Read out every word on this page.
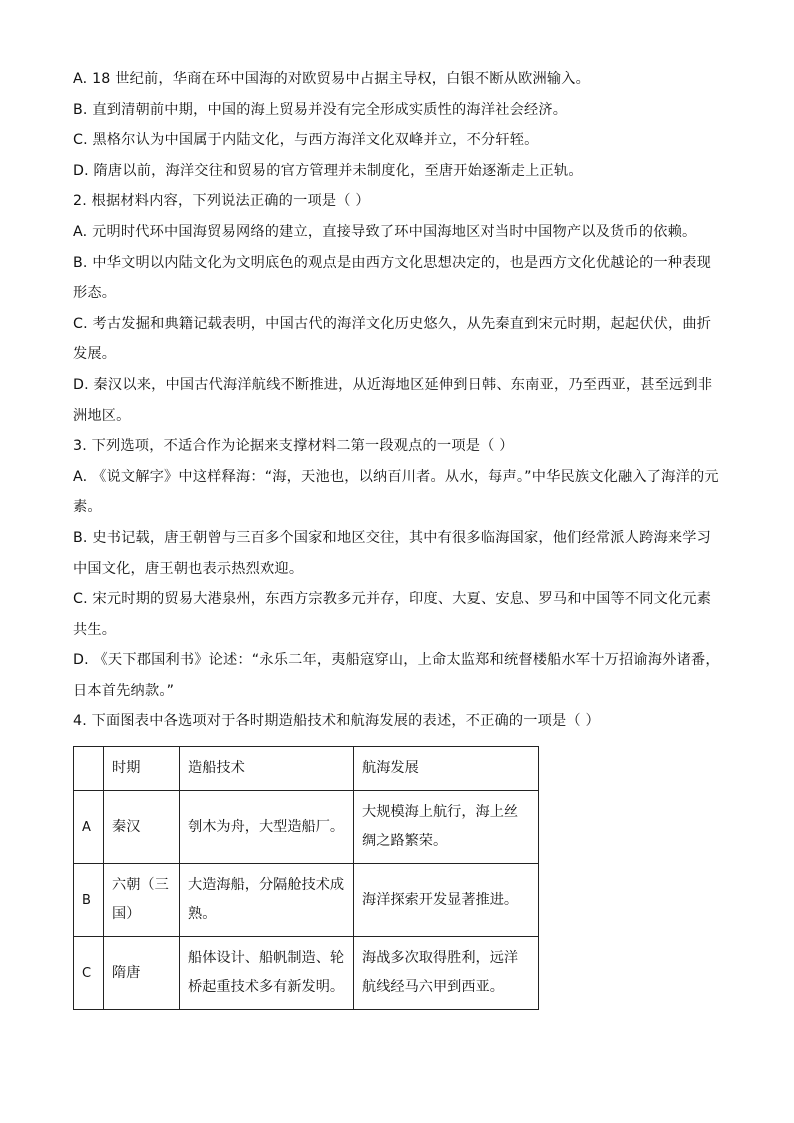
A. 18 世纪前，华商在环中国海的对欧贸易中占据主导权，白银不断从欧洲输入。

B. 直到清朝前中期，中国的海上贸易并没有完全形成实质性的海洋社会经济。

C. 黑格尔认为中国属于内陆文化，与西方海洋文化双峰并立，不分轩轾。

D. 隋唐以前，海洋交往和贸易的官方管理并未制度化，至唐开始逐渐走上正轨。

2. 根据材料内容，下列说法正确的一项是（ ）

A. 元明时代环中国海贸易网络的建立，直接导致了环中国海地区对当时中国物产以及货币的依赖。

B. 中华文明以内陆文化为文明底色的观点是由西方文化思想决定的，也是西方文化优越论的一种表现形态。

C. 考古发掘和典籍记载表明，中国古代的海洋文化历史悠久，从先秦直到宋元时期，起起伏伏，曲折发展。

D. 秦汉以来，中国古代海洋航线不断推进，从近海地区延伸到日韩、东南亚，乃至西亚，甚至远到非洲地区。

3. 下列选项，不适合作为论据来支撑材料二第一段观点的一项是（ ）

A. 《说文解字》中这样释海：“海，天池也，以纳百川者。从水，每声。”中华民族文化融入了海洋的元素。

B. 史书记载，唐王朝曾与三百多个国家和地区交往，其中有很多临海国家，他们经常派人跨海来学习中国文化，唐王朝也表示热烈欢迎。

C. 宋元时期的贸易大港泉州，东西方宗教多元并存，印度、大夏、安息、罗马和中国等不同文化元素共生。

D. 《天下郡国利书》论述：“永乐二年，夷船寇穿山，上命太监郑和统督楼船水军十万招谕海外诸番，日本首先纳款。”

4. 下面图表中各选项对于各时期造船技术和航海发展的表述，不正确的一项是（ ）

	时期	造船技术	航海发展
A	秦汉	刳木为舟，大型造船厂。	大规模海上航行，海上丝绸之路繁荣。
B	六朝（三国）	大造海船，分隔舱技术成熟。	海洋探索开发显著推进。
C	隋唐	船体设计、船帆制造、轮桥起重技术多有新发明。	海战多次取得胜利，远洋航线经马六甲到西亚。
